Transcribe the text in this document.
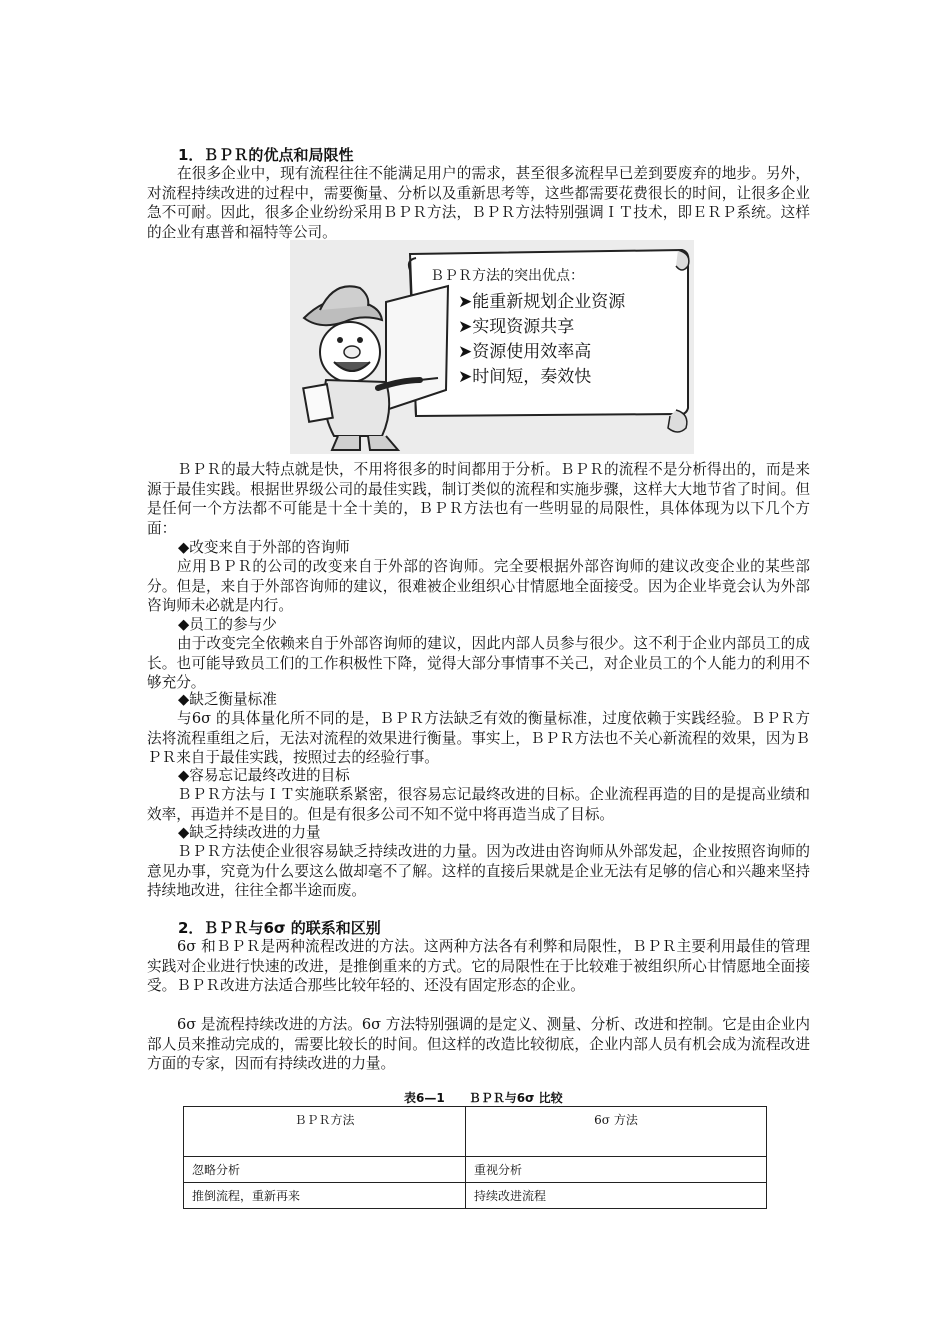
1．ＢＰＲ的优点和局限性

在很多企业中，现有流程往往不能满足用户的需求，甚至很多流程早已差到要废弃的地步。另外，对流程持续改进的过程中，需要衡量、分析以及重新思考等，这些都需要花费很长的时间，让很多企业急不可耐。因此，很多企业纷纷采用ＢＰＲ方法，ＢＰＲ方法特别强调ＩＴ技术，即ＥＲＰ系统。这样的企业有惠普和福特等公司。

ＢＰＲ方法的突出优点：
➤能重新规划企业资源
➤实现资源共享
➤资源使用效率高
➤时间短，奏效快

ＢＰＲ的最大特点就是快，不用将很多的时间都用于分析。ＢＰＲ的流程不是分析得出的，而是来源于最佳实践。根据世界级公司的最佳实践，制订类似的流程和实施步骤，这样大大地节省了时间。但是任何一个方法都不可能是十全十美的，ＢＰＲ方法也有一些明显的局限性，具体体现为以下几个方面：

◆改变来自于外部的咨询师

应用ＢＰＲ的公司的改变来自于外部的咨询师。完全要根据外部咨询师的建议改变企业的某些部分。但是，来自于外部咨询师的建议，很难被企业组织心甘情愿地全面接受。因为企业毕竟会认为外部咨询师未必就是内行。

◆员工的参与少

由于改变完全依赖来自于外部咨询师的建议，因此内部人员参与很少。这不利于企业内部员工的成长。也可能导致员工们的工作积极性下降，觉得大部分事情事不关己，对企业员工的个人能力的利用不够充分。

◆缺乏衡量标准

与6σ 的具体量化所不同的是，ＢＰＲ方法缺乏有效的衡量标准，过度依赖于实践经验。ＢＰＲ方法将流程重组之后，无法对流程的效果进行衡量。事实上，ＢＰＲ方法也不关心新流程的效果，因为ＢＰＲ来自于最佳实践，按照过去的经验行事。

◆容易忘记最终改进的目标

ＢＰＲ方法与ＩＴ实施联系紧密，很容易忘记最终改进的目标。企业流程再造的目的是提高业绩和效率，再造并不是目的。但是有很多公司不知不觉中将再造当成了目标。

◆缺乏持续改进的力量

ＢＰＲ方法使企业很容易缺乏持续改进的力量。因为改进由咨询师从外部发起，企业按照咨询师的意见办事，究竟为什么要这么做却毫不了解。这样的直接后果就是企业无法有足够的信心和兴趣来坚持持续地改进，往往全都半途而废。

2．ＢＰＲ与6σ 的联系和区别

6σ 和ＢＰＲ是两种流程改进的方法。这两种方法各有利弊和局限性，ＢＰＲ主要利用最佳的管理实践对企业进行快速的改进，是推倒重来的方式。它的局限性在于比较难于被组织所心甘情愿地全面接受。ＢＰＲ改进方法适合那些比较年轻的、还没有固定形态的企业。

6σ 是流程持续改进的方法。6σ 方法特别强调的是定义、测量、分析、改进和控制。它是由企业内部人员来推动完成的，需要比较长的时间。但这样的改造比较彻底，企业内部人员有机会成为流程改进方面的专家，因而有持续改进的力量。

表6—1　　ＢＰＲ与6σ 比较
ＢＰＲ方法	6σ 方法
忽略分析	重视分析
推倒流程，重新再来	持续改进流程
